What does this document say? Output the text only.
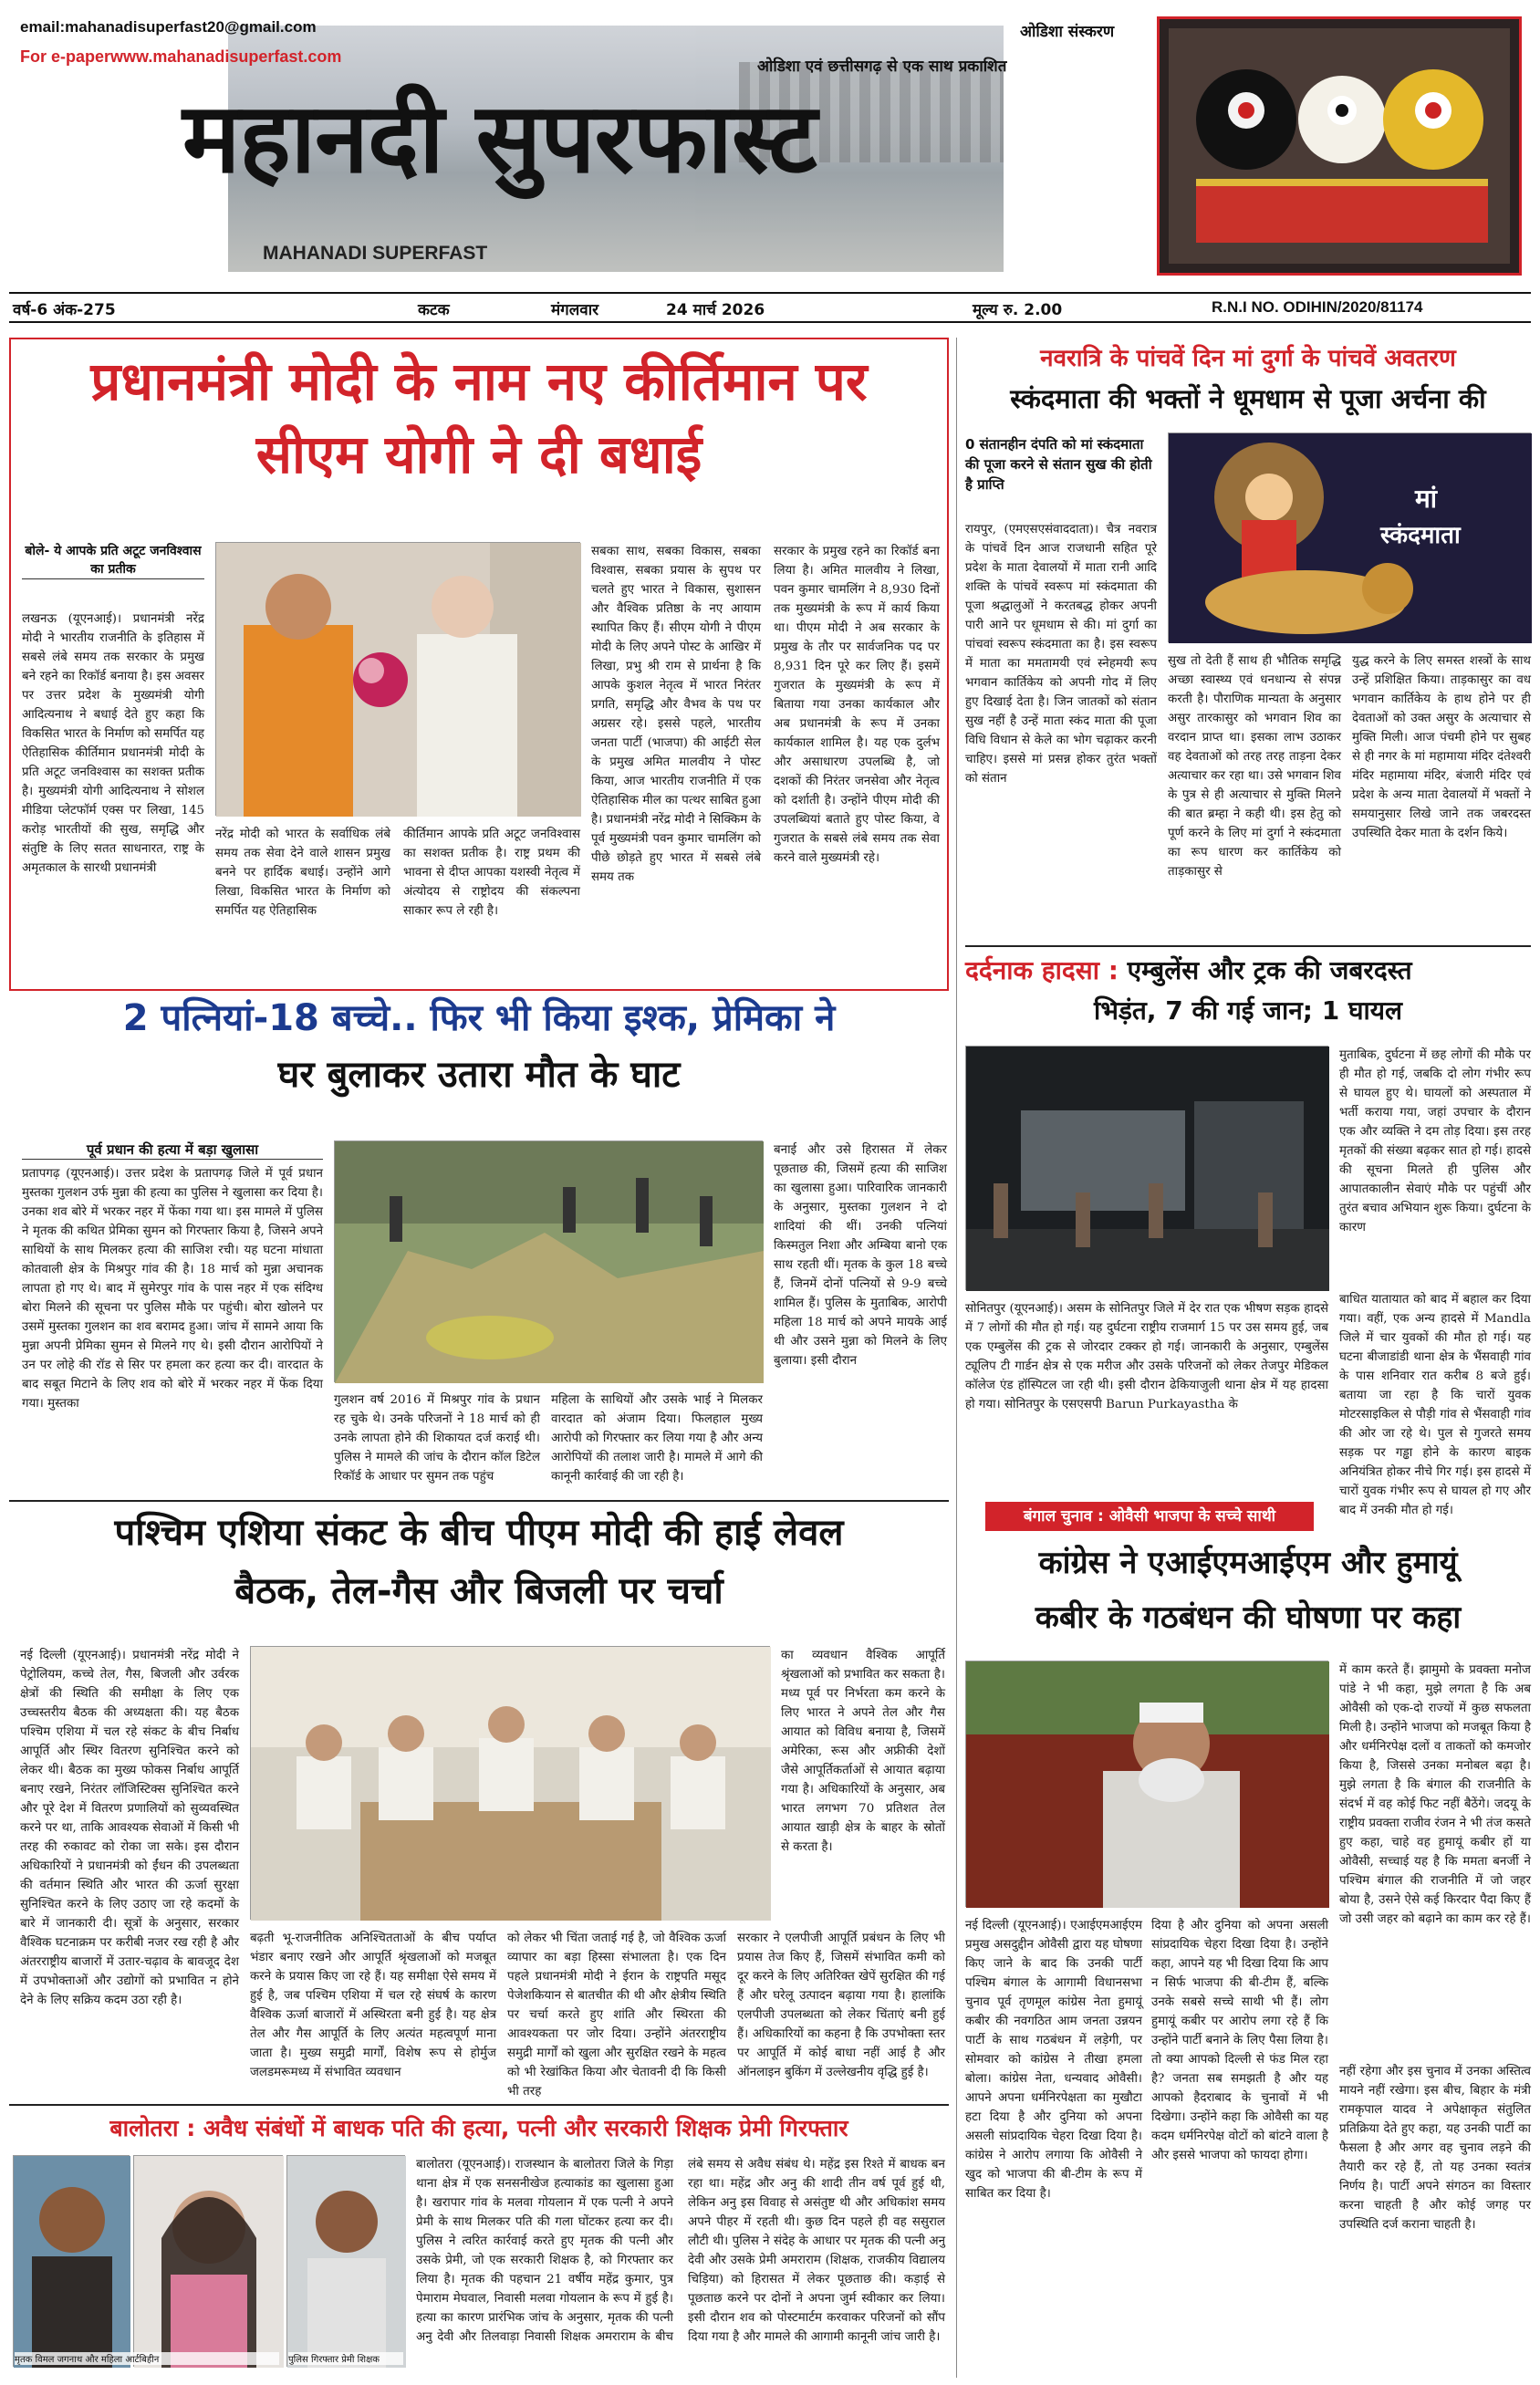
email:mahanadisuperfast20@gmail.com
For e-paperwww.mahanadisuperfast.com
ओडिशा संस्करण
ओडिशा एवं छत्तीसगढ़ से एक साथ प्रकाशित
महानदी सुपरफास्ट
MAHANADI SUPERFAST
वर्ष-6 अंक-275	कटक	मंगलवार	24 मार्च 2026	मूल्य रु. 2.00	R.N.I NO. ODIHIN/2020/81174
प्रधानमंत्री मोदी के नाम नए कीर्तिमान पर
सीएम योगी ने दी बधाई
बोले- ये आपके प्रति अटूट जनविश्वास का प्रतीक
लखनऊ (यूएनआई)। प्रधानमंत्री नरेंद्र मोदी ने भारतीय राजनीति के इतिहास में सबसे लंबे समय तक सरकार के प्रमुख बने रहने का रिकॉर्ड बनाया है। इस अवसर पर उत्तर प्रदेश के मुख्यमंत्री योगी आदित्यनाथ ने बधाई देते हुए कहा कि विकसित भारत के निर्माण को समर्पित यह ऐतिहासिक कीर्तिमान प्रधानमंत्री मोदी के प्रति अटूट जनविश्वास का सशक्त प्रतीक है। मुख्यमंत्री योगी आदित्यनाथ ने सोशल मीडिया प्लेटफॉर्म एक्स पर लिखा, 145 करोड़ भारतीयों की सुख, समृद्धि और संतुष्टि के लिए सतत साधनारत, राष्ट्र के अमृतकाल के सारथी प्रधानमंत्री
नरेंद्र मोदी को भारत के सर्वाधिक लंबे समय तक सेवा देने वाले शासन प्रमुख बनने पर हार्दिक बधाई। उन्होंने आगे लिखा, विकसित भारत के निर्माण को समर्पित यह ऐतिहासिक
कीर्तिमान आपके प्रति अटूट जनविश्वास का सशक्त प्रतीक है। राष्ट्र प्रथम की भावना से दीप्त आपका यशस्वी नेतृत्व में अंत्योदय से राष्ट्रोदय की संकल्पना साकार रूप ले रही है।
सबका साथ, सबका विकास, सबका विश्वास, सबका प्रयास के सुपथ पर चलते हुए भारत ने विकास, सुशासन और वैश्विक प्रतिष्ठा के नए आयाम स्थापित किए हैं। सीएम योगी ने पीएम मोदी के लिए अपने पोस्ट के आखिर में लिखा, प्रभु श्री राम से प्रार्थना है कि आपके कुशल नेतृत्व में भारत निरंतर प्रगति, समृद्धि और वैभव के पथ पर अग्रसर रहे। इससे पहले, भारतीय जनता पार्टी (भाजपा) की आईटी सेल के प्रमुख अमित मालवीय ने पोस्ट किया, आज भारतीय राजनीति में एक ऐतिहासिक मील का पत्थर साबित हुआ है। प्रधानमंत्री नरेंद्र मोदी ने सिक्किम के पूर्व मुख्यमंत्री पवन कुमार चामलिंग को पीछे छोड़ते हुए भारत में सबसे लंबे समय तक
सरकार के प्रमुख रहने का रिकॉर्ड बना लिया है। अमित मालवीय ने लिखा, पवन कुमार चामलिंग ने 8,930 दिनों तक मुख्यमंत्री के रूप में कार्य किया था। पीएम मोदी ने अब सरकार के प्रमुख के तौर पर सार्वजनिक पद पर 8,931 दिन पूरे कर लिए हैं। इसमें गुजरात के मुख्यमंत्री के रूप में बिताया गया उनका कार्यकाल और अब प्रधानमंत्री के रूप में उनका कार्यकाल शामिल है। यह एक दुर्लभ और असाधारण उपलब्धि है, जो दशकों की निरंतर जनसेवा और नेतृत्व को दर्शाती है। उन्होंने पीएम मोदी की उपलब्धियां बताते हुए पोस्ट किया, वे गुजरात के सबसे लंबे समय तक सेवा करने वाले मुख्यमंत्री रहे।
नवरात्रि के पांचवें दिन मां दुर्गा के पांचवें अवतरण
स्कंदमाता की भक्तों ने धूमधाम से पूजा अर्चना की
0 संतानहीन दंपति को मां स्कंदमाता की पूजा करने से संतान सुख की होती है प्राप्ति	मां
स्कंदमाता
रायपुर, (एमएसएसंवाददाता)। चैत्र नवरात्र के पांचवें दिन आज राजधानी सहित पूरे प्रदेश के माता देवालयों में माता रानी आदि शक्ति के पांचवें स्वरूप मां स्कंदमाता की पूजा श्रद्धालुओं ने करतबद्ध होकर अपनी पारी आने पर धूमधाम से की। मां दुर्गा का पांचवां स्वरूप स्कंदमाता का है। इस स्वरूप में माता का ममतामयी एवं स्नेहमयी रूप भगवान कार्तिकेय को अपनी गोद में लिए हुए दिखाई देता है। जिन जातकों को संतान सुख नहीं है उन्हें माता स्कंद माता की पूजा विधि विधान से केले का भोग चढ़ाकर करनी चाहिए। इससे मां प्रसन्न होकर तुरंत भक्तों को संतान
सुख तो देती हैं साथ ही भौतिक समृद्धि अच्छा स्वास्थ्य एवं धनधान्य से संपन्न करती है। पौराणिक मान्यता के अनुसार असुर तारकासुर को भगवान शिव का वरदान प्राप्त था। इसका लाभ उठाकर वह देवताओं को तरह तरह ताड़ना देकर अत्याचार कर रहा था। उसे भगवान शिव के पुत्र से ही अत्याचार से मुक्ति मिलने की बात ब्रम्हा ने कही थी। इस हेतु को पूर्ण करने के लिए मां दुर्गा ने स्कंदमाता का रूप धारण कर कार्तिकेय को ताड़कासुर से
युद्ध करने के लिए समस्त शस्त्रों के साथ उन्हें प्रशिक्षित किया। ताड़कासुर का वध भगवान कार्तिकेय के हाथ होने पर ही देवताओं को उक्त असुर के अत्याचार से मुक्ति मिली। आज पंचमी होने पर सुबह से ही नगर के मां महामाया मंदिर दंतेश्वरी मंदिर महामाया मंदिर, बंजारी मंदिर एवं प्रदेश के अन्य माता देवालयों में भक्तों ने समयानुसार लिखे जाने तक जबरदस्त उपस्थिति देकर माता के दर्शन किये।
दर्दनाक हादसा : एम्बुलेंस और ट्रक की जबरदस्त
भिड़ंत, 7 की गई जान; 1 घायल
मुताबिक, दुर्घटना में छह लोगों की मौके पर ही मौत हो गई, जबकि दो लोग गंभीर रूप से घायल हुए थे। घायलों को अस्पताल में भर्ती कराया गया, जहां उपचार के दौरान एक और व्यक्ति ने दम तोड़ दिया। इस तरह मृतकों की संख्या बढ़कर सात हो गई। हादसे की सूचना मिलते ही पुलिस और आपातकालीन सेवाएं मौके पर पहुंचीं और तुरंत बचाव अभियान शुरू किया। दुर्घटना के कारण
सोनितपुर (यूएनआई)। असम के सोनितपुर जिले में देर रात एक भीषण सड़क हादसे में 7 लोगों की मौत हो गई। यह दुर्घटना राष्ट्रीय राजमार्ग 15 पर उस समय हुई, जब एक एम्बुलेंस की ट्रक से जोरदार टक्कर हो गई। जानकारी के अनुसार, एम्बुलेंस ट्यूलिप टी गार्डन क्षेत्र से एक मरीज और उसके परिजनों को लेकर तेजपुर मेडिकल कॉलेज एंड हॉस्पिटल जा रही थी। इसी दौरान ढेकियाजुली थाना क्षेत्र में यह हादसा हो गया। सोनितपुर के एसएसपी Barun Purkayastha के
बाधित यातायात को बाद में बहाल कर दिया गया। वहीं, एक अन्य हादसे में Mandla जिले में चार युवकों की मौत हो गई। यह घटना बीजाडांडी थाना क्षेत्र के भैंसवाही गांव के पास शनिवार रात करीब 8 बजे हुई। बताया जा रहा है कि चारों युवक मोटरसाइकिल से पौड़ी गांव से भैंसवाही गांव की ओर जा रहे थे। पुल से गुजरते समय सड़क पर गड्ढा होने के कारण बाइक अनियंत्रित होकर नीचे गिर गई। इस हादसे में चारों युवक गंभीर रूप से घायल हो गए और बाद में उनकी मौत हो गई।
2 पत्नियां-18 बच्चे.. फिर भी किया इश्क, प्रेमिका ने
घर बुलाकर उतारा मौत के घाट
पूर्व प्रधान की हत्या में बड़ा खुलासा
प्रतापगढ़ (यूएनआई)। उत्तर प्रदेश के प्रतापगढ़ जिले में पूर्व प्रधान मुस्तका गुलशन उर्फ मुन्ना की हत्या का पुलिस ने खुलासा कर दिया है। उनका शव बोरे में भरकर नहर में फेंका गया था। इस मामले में पुलिस ने मृतक की कथित प्रेमिका सुमन को गिरफ्तार किया है, जिसने अपने साथियों के साथ मिलकर हत्या की साजिश रची। यह घटना मांधाता कोतवाली क्षेत्र के मिश्रपुर गांव की है। 18 मार्च को मुन्ना अचानक लापता हो गए थे। बाद में सुमेरपुर गांव के पास नहर में एक संदिग्ध बोरा मिलने की सूचना पर पुलिस मौके पर पहुंची। बोरा खोलने पर उसमें मुस्तका गुलशन का शव बरामद हुआ। जांच में सामने आया कि मुन्ना अपनी प्रेमिका सुमन से मिलने गए थे। इसी दौरान आरोपियों ने उन पर लोहे की रॉड से सिर पर हमला कर हत्या कर दी। वारदात के बाद सबूत मिटाने के लिए शव को बोरे में भरकर नहर में फेंक दिया गया। मुस्तका	गुलशन वर्ष 2016 में मिश्रपुर गांव के प्रधान रह चुके थे। उनके परिजनों ने 18 मार्च को ही उनके लापता होने की शिकायत दर्ज कराई थी। पुलिस ने मामले की जांच के दौरान कॉल डिटेल रिकॉर्ड के आधार पर सुमन तक पहुंच
महिला के साथियों और उसके भाई ने मिलकर वारदात को अंजाम दिया। फिलहाल मुख्य आरोपी को गिरफ्तार कर लिया गया है और अन्य आरोपियों की तलाश जारी है। मामले में आगे की कानूनी कार्रवाई की जा रही है।
बनाई और उसे हिरासत में लेकर पूछताछ की, जिसमें हत्या की साजिश का खुलासा हुआ। पारिवारिक जानकारी के अनुसार, मुस्तका गुलशन ने दो शादियां की थीं। उनकी पत्नियां किस्मतुल निशा और अम्बिया बानो एक साथ रहती थीं। मृतक के कुल 18 बच्चे हैं, जिनमें दोनों पत्नियों से 9-9 बच्चे शामिल हैं। पुलिस के मुताबिक, आरोपी महिला 18 मार्च को अपने मायके आई थी और उसने मुन्ना को मिलने के लिए बुलाया। इसी दौरान
पश्चिम एशिया संकट के बीच पीएम मोदी की हाई लेवल
बैठक, तेल-गैस और बिजली पर चर्चा
नई दिल्ली (यूएनआई)। प्रधानमंत्री नरेंद्र मोदी ने पेट्रोलियम, कच्चे तेल, गैस, बिजली और उर्वरक क्षेत्रों की स्थिति की समीक्षा के लिए एक उच्चस्तरीय बैठक की अध्यक्षता की। यह बैठक पश्चिम एशिया में चल रहे संकट के बीच निर्बाध आपूर्ति और स्थिर वितरण सुनिश्चित करने को लेकर थी। बैठक का मुख्य फोकस निर्बाध आपूर्ति बनाए रखने, निरंतर लॉजिस्टिक्स सुनिश्चित करने और पूरे देश में वितरण प्रणालियों को सुव्यवस्थित करने पर था, ताकि आवश्यक सेवाओं में किसी भी तरह की रुकावट को रोका जा सके। इस दौरान अधिकारियों ने प्रधानमंत्री को ईंधन की उपलब्धता की वर्तमान स्थिति और भारत की ऊर्जा सुरक्षा सुनिश्चित करने के लिए उठाए जा रहे कदमों के बारे में जानकारी दी। सूत्रों के अनुसार, सरकार वैश्विक घटनाक्रम पर करीबी नजर रख रही है और अंतरराष्ट्रीय बाजारों में उतार-चढ़ाव के बावजूद देश में उपभोक्ताओं और उद्योगों को प्रभावित न होने देने के लिए सक्रिय कदम उठा रही है।
बढ़ती भू-राजनीतिक अनिश्चितताओं के बीच पर्याप्त भंडार बनाए रखने और आपूर्ति श्रृंखलाओं को मजबूत करने के प्रयास किए जा रहे हैं। यह समीक्षा ऐसे समय में हुई है, जब पश्चिम एशिया में चल रहे संघर्ष के कारण वैश्विक ऊर्जा बाजारों में अस्थिरता बनी हुई है। यह क्षेत्र तेल और गैस आपूर्ति के लिए अत्यंत महत्वपूर्ण माना जाता है। मुख्य समुद्री मार्गों, विशेष रूप से होर्मुज जलडमरूमध्य में संभावित व्यवधान
को लेकर भी चिंता जताई गई है, जो वैश्विक ऊर्जा व्यापार का बड़ा हिस्सा संभालता है। एक दिन पहले प्रधानमंत्री मोदी ने ईरान के राष्ट्रपति मसूद पेजेशकियान से बातचीत की थी और क्षेत्रीय स्थिति पर चर्चा करते हुए शांति और स्थिरता की आवश्यकता पर जोर दिया। उन्होंने अंतरराष्ट्रीय समुद्री मार्गों को खुला और सुरक्षित रखने के महत्व को भी रेखांकित किया और चेतावनी दी कि किसी भी तरह
का व्यवधान वैश्विक आपूर्ति श्रृंखलाओं को प्रभावित कर सकता है। मध्य पूर्व पर निर्भरता कम करने के लिए भारत ने अपने तेल और गैस आयात को विविध बनाया है, जिसमें अमेरिका, रूस और अफ्रीकी देशों जैसे आपूर्तिकर्ताओं से आयात बढ़ाया गया है। अधिकारियों के अनुसार, अब भारत लगभग 70 प्रतिशत तेल आयात खाड़ी क्षेत्र के बाहर के स्रोतों से करता है।
सरकार ने एलपीजी आपूर्ति प्रबंधन के लिए भी प्रयास तेज किए हैं, जिसमें संभावित कमी को दूर करने के लिए अतिरिक्त खेपें सुरक्षित की गई हैं और घरेलू उत्पादन बढ़ाया गया है। हालांकि एलपीजी उपलब्धता को लेकर चिंताएं बनी हुई हैं। अधिकारियों का कहना है कि उपभोक्ता स्तर पर आपूर्ति में कोई बाधा नहीं आई है और ऑनलाइन बुकिंग में उल्लेखनीय वृद्धि हुई है।
बंगाल चुनाव : ओवैसी भाजपा के सच्चे साथी
कांग्रेस ने एआईएमआईएम और हुमायूं
कबीर के गठबंधन की घोषणा पर कहा
में काम करते हैं। झामुमो के प्रवक्ता मनोज पांडे ने भी कहा, मुझे लगता है कि अब ओवैसी को एक-दो राज्यों में कुछ सफलता मिली है। उन्होंने भाजपा को मजबूत किया है और धर्मनिरपेक्ष दलों व ताकतों को कमजोर किया है, जिससे उनका मनोबल बढ़ा है। मुझे लगता है कि बंगाल की राजनीति के संदर्भ में वह कोई फिट नहीं बैठेंगे। जदयू के राष्ट्रीय प्रवक्ता राजीव रंजन ने भी तंज कसते हुए कहा, चाहे वह हुमायूं कबीर हों या ओवैसी, सच्चाई यह है कि ममता बनर्जी ने पश्चिम बंगाल की राजनीति में जो जहर बोया है, उसने ऐसे कई किरदार पैदा किए हैं जो उसी जहर को बढ़ाने का काम कर रहे हैं।
नई दिल्ली (यूएनआई)। एआईएमआईएम प्रमुख असदुद्दीन ओवैसी द्वारा यह घोषणा किए जाने के बाद कि उनकी पार्टी पश्चिम बंगाल के आगामी विधानसभा चुनाव पूर्व तृणमूल कांग्रेस नेता हुमायूं कबीर की नवगठित आम जनता उन्नयन पार्टी के साथ गठबंधन में लड़ेगी, पर सोमवार को कांग्रेस ने तीखा हमला बोला। कांग्रेस नेता, धन्यवाद ओवैसी। आपने अपना धर्मनिरपेक्षता का मुखौटा हटा दिया है और दुनिया को अपना असली सांप्रदायिक चेहरा दिखा दिया है। कांग्रेस ने आरोप लगाया कि ओवैसी ने खुद को भाजपा की बी-टीम के रूप में साबित कर दिया है।
दिया है और दुनिया को अपना असली सांप्रदायिक चेहरा दिखा दिया है। उन्होंने कहा, आपने यह भी दिखा दिया कि आप न सिर्फ भाजपा की बी-टीम हैं, बल्कि उनके सबसे सच्चे साथी भी हैं। लोग हुमायूं कबीर पर आरोप लगा रहे हैं कि उन्होंने पार्टी बनाने के लिए पैसा लिया है। तो क्या आपको दिल्ली से फंड मिल रहा है? जनता सब समझती है और यह आपको हैदराबाद के चुनावों में भी दिखेगा। उन्होंने कहा कि ओवैसी का यह कदम धर्मनिरपेक्ष वोटों को बांटने वाला है और इससे भाजपा को फायदा होगा।
नहीं रहेगा और इस चुनाव में उनका अस्तित्व मायने नहीं रखेगा। इस बीच, बिहार के मंत्री रामकृपाल यादव ने अपेक्षाकृत संतुलित प्रतिक्रिया देते हुए कहा, यह उनकी पार्टी का फैसला है और अगर वह चुनाव लड़ने की तैयारी कर रहे हैं, तो यह उनका स्वतंत्र निर्णय है। पार्टी अपने संगठन का विस्तार करना चाहती है और कोई जगह पर उपस्थिति दर्ज कराना चाहती है।
बालोतरा : अवैध संबंधों में बाधक पति की हत्या, पत्नी और सरकारी शिक्षक प्रेमी गिरफ्तार
मृतक विमल जगनाथ और महिला आर्टबिहीन	पुलिस गिरफ्तार प्रेमी शिक्षक
बालोतरा (यूएनआई)। राजस्थान के बालोतरा जिले के गिड़ा थाना क्षेत्र में एक सनसनीखेज हत्याकांड का खुलासा हुआ है। खरापार गांव के मलवा गोयलान में एक पत्नी ने अपने प्रेमी के साथ मिलकर पति की गला घोंटकर हत्या कर दी। पुलिस ने त्वरित कार्रवाई करते हुए मृतक की पत्नी और उसके प्रेमी, जो एक सरकारी शिक्षक है, को गिरफ्तार कर लिया है। मृतक की पहचान 21 वर्षीय महेंद्र कुमार, पुत्र पेमाराम मेघवाल, निवासी मलवा गोयलान के रूप में हुई है। हत्या का कारण प्रारंभिक जांच के अनुसार, मृतक की पत्नी अनु देवी और तिलवाड़ा निवासी शिक्षक अमराराम के बीच लंबे समय से अवैध संबंध थे। महेंद्र इस रिश्ते में बाधक बन रहा था। महेंद्र और अनु की शादी तीन वर्ष पूर्व हुई थी, लेकिन अनु इस विवाह से असंतुष्ट थी और अधिकांश समय अपने पीहर में रहती थी। कुछ दिन पहले ही वह ससुराल लौटी थी। पुलिस ने संदेह के आधार पर मृतक की पत्नी अनु देवी और उसके प्रेमी अमराराम (शिक्षक, राजकीय विद्यालय चिड़िया) को हिरासत में लेकर पूछताछ की। कड़ाई से पूछताछ करने पर दोनों ने अपना जुर्म स्वीकार कर लिया। इसी दौरान शव को पोस्टमार्टम करवाकर परिजनों को सौंप दिया गया है और मामले की आगामी कानूनी जांच जारी है।
